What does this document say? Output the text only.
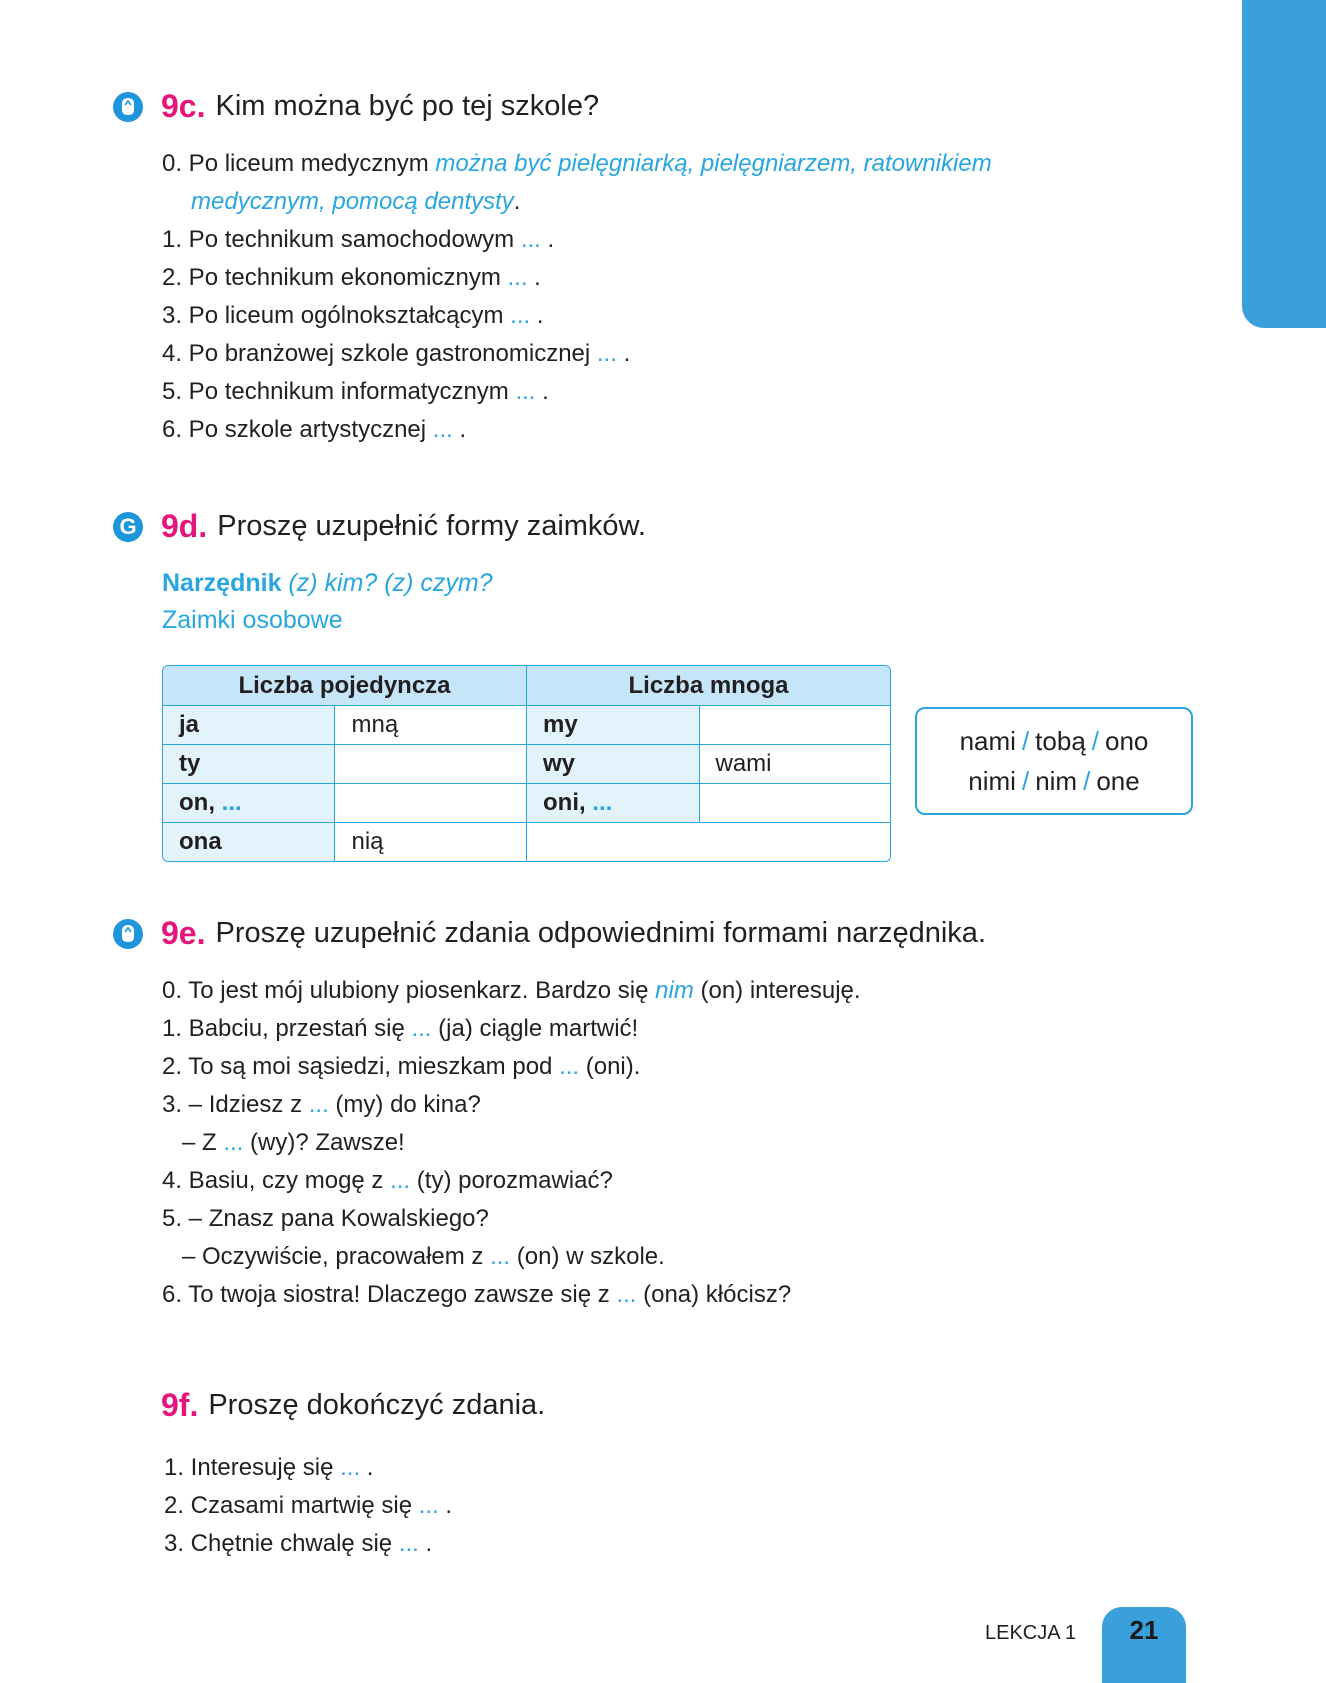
9c. Kim można być po tej szkole?
0. Po liceum medycznym można być pielęgniarką, pielęgniarzem, ratownikiem
medycznym, pomocą dentysty.
1. Po technikum samochodowym ... .
2. Po technikum ekonomicznym ... .
3. Po liceum ogólnokształcącym ... .
4. Po branżowej szkole gastronomicznej ... .
5. Po technikum informatycznym ... .
6. Po szkole artystycznej ... .
G 9d. Proszę uzupełnić formy zaimków.
Narzędnik (z) kim? (z) czym?
Zaimki osobowe
Liczba pojedyncza		Liczba mnoga	
ja	mną	my	
ty		wy	wami
on, ...		oni, ...	
ona	nią		
nami / tobą / ono
nimi / nim / one
9e. Proszę uzupełnić zdania odpowiednimi formami narzędnika.
0. To jest mój ulubiony piosenkarz. Bardzo się nim (on) interesuję.
1. Babciu, przestań się ... (ja) ciągle martwić!
2. To są moi sąsiedzi, mieszkam pod ... (oni).
3. – Idziesz z ... (my) do kina?
– Z ... (wy)? Zawsze!
4. Basiu, czy mogę z ... (ty) porozmawiać?
5. – Znasz pana Kowalskiego?
– Oczywiście, pracowałem z ... (on) w szkole.
6. To twoja siostra! Dlaczego zawsze się z ... (ona) kłócisz?
9f. Proszę dokończyć zdania.
1. Interesuję się ... .
2. Czasami martwię się ... .
3. Chętnie chwalę się ... .
LEKCJA 1	21
